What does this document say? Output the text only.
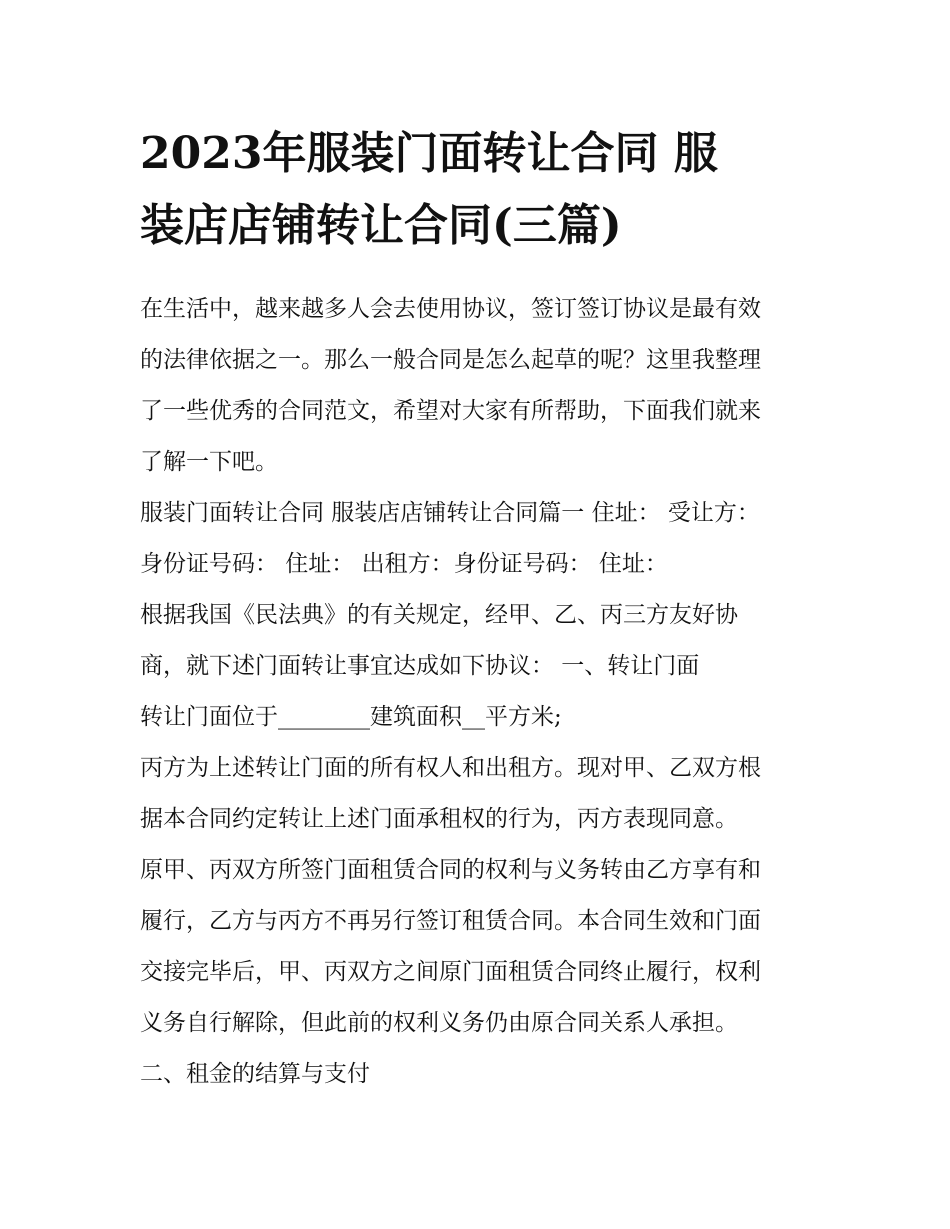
2023年服装门面转让合同 服
装店店铺转让合同(三篇)
在生活中，越来越多人会去使用协议，签订签订协议是最有效
的法律依据之一。那么一般合同是怎么起草的呢？这里我整理
了一些优秀的合同范文，希望对大家有所帮助，下面我们就来
了解一下吧。
服装门面转让合同 服装店店铺转让合同篇一 住址： 受让方：
身份证号码： 住址： 出租方：身份证号码： 住址：
根据我国《民法典》的有关规定，经甲、乙、丙三方友好协
商，就下述门面转让事宜达成如下协议： 一、转让门面
转让门面位于________建筑面积__平方米;
丙方为上述转让门面的所有权人和出租方。现对甲、乙双方根
据本合同约定转让上述门面承租权的行为，丙方表现同意。
原甲、丙双方所签门面租赁合同的权利与义务转由乙方享有和
履行，乙方与丙方不再另行签订租赁合同。本合同生效和门面
交接完毕后，甲、丙双方之间原门面租赁合同终止履行，权利
义务自行解除，但此前的权利义务仍由原合同关系人承担。
二、租金的结算与支付
